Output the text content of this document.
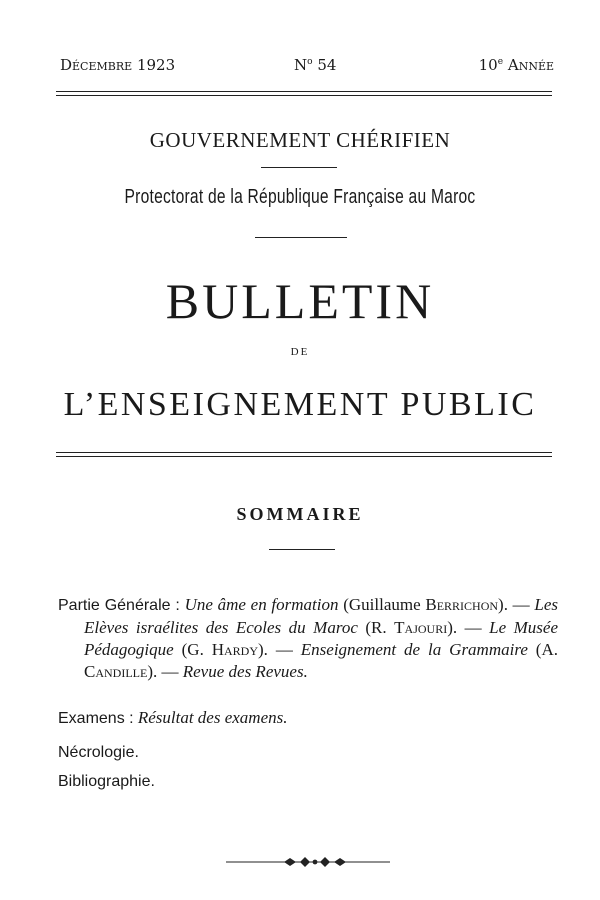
DÉCEMBRE 1923	$N^o$ 54	10e ANNÉE
GOUVERNEMENT CHÉRIFIEN
Protectorat de la République Française au Maroc
BULLETIN
DE
L’ENSEIGNEMENT PUBLIC
SOMMAIRE
Partie Générale : Une âme en formation (Guillaume Berrichon). — Les Elèves israélites des Ecoles du Maroc (R. Tajouri). — Le Musée Pédagogique (G. Hardy). — Enseignement de la Grammaire (A. Candille). — Revue des Revues.
Examens : Résultat des examens.
Nécrologie.
Bibliographie.
